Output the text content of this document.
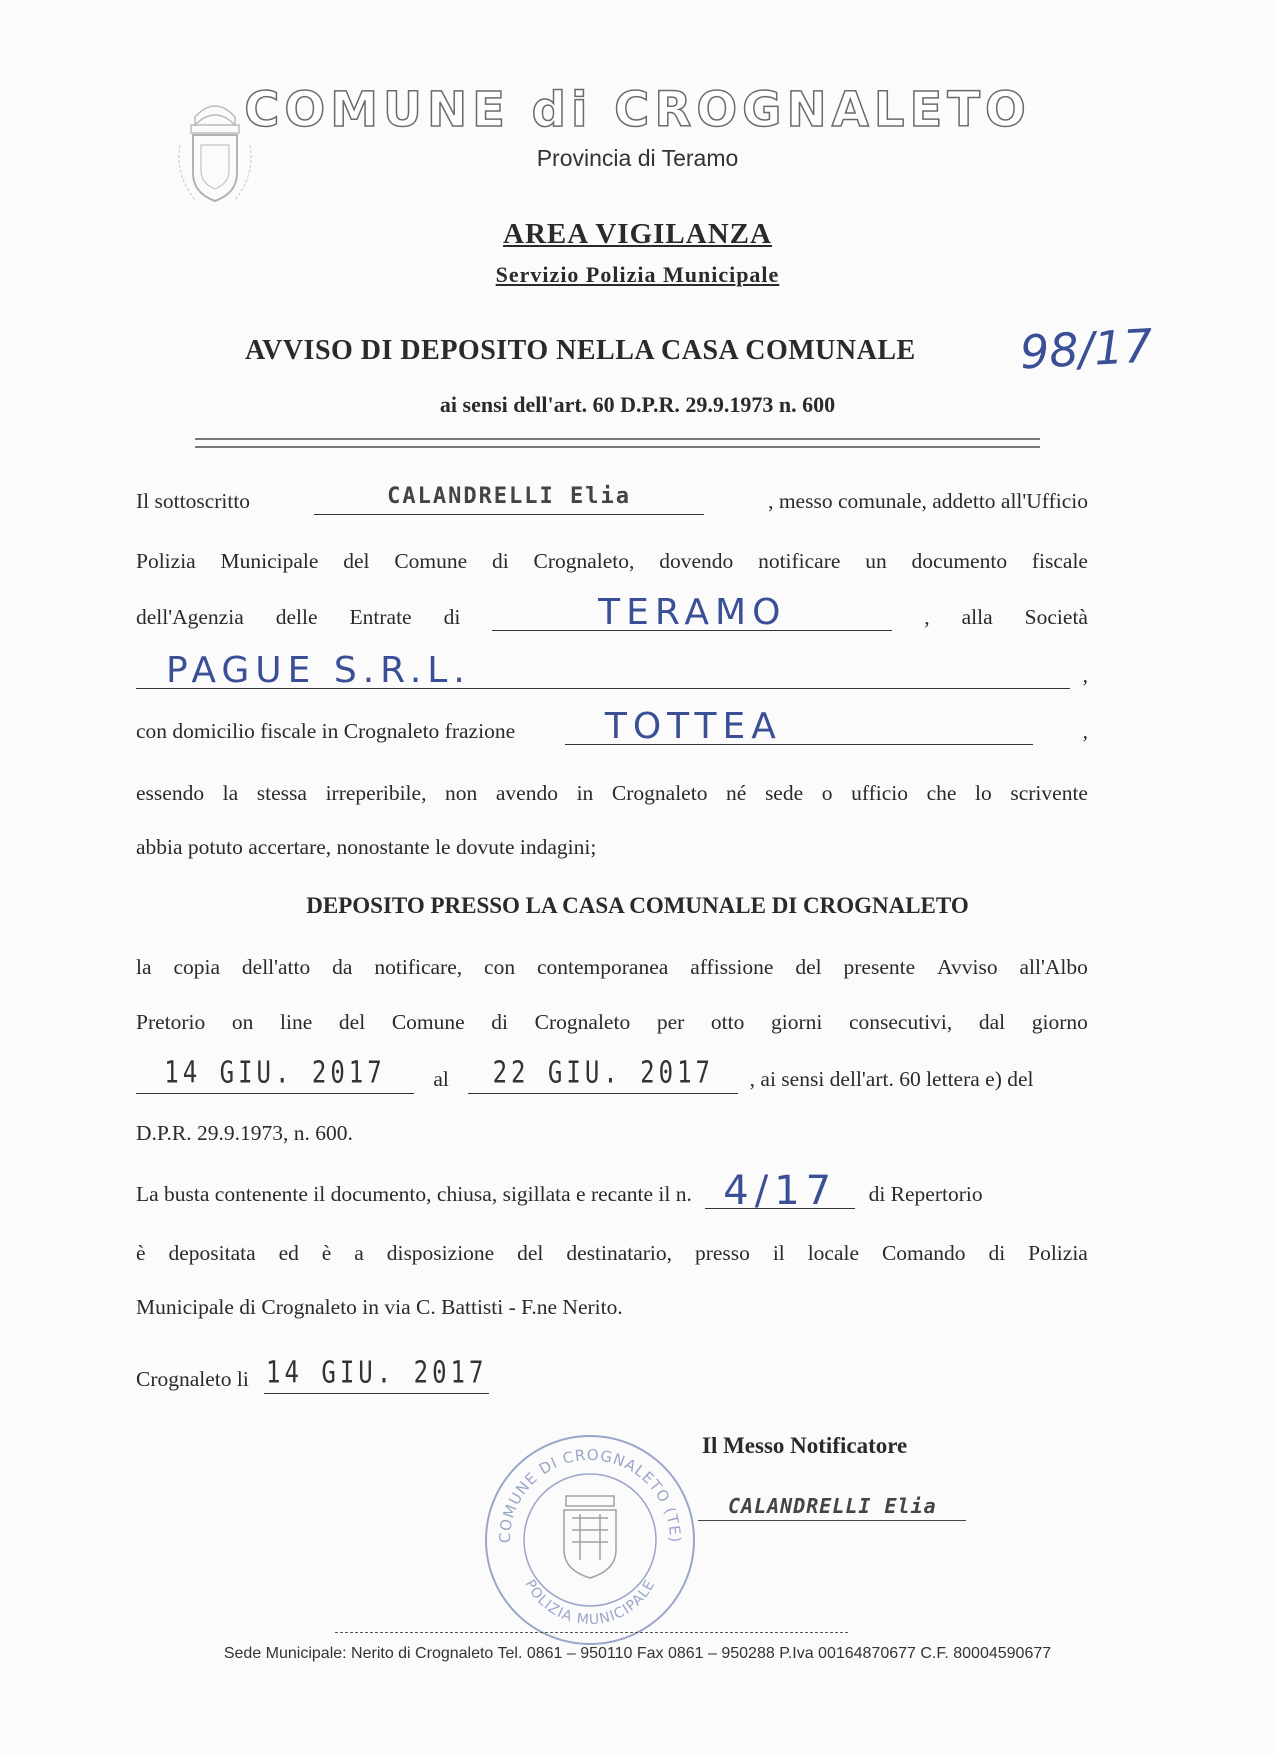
COMUNE di CROGNALETO
Provincia di Teramo
AREA VIGILANZA
Servizio Polizia Municipale
AVVISO DI DEPOSITO NELLA CASA COMUNALE 98/17
ai sensi dell'art. 60 D.P.R. 29.9.1973 n. 600
Il sottoscritto	CALANDRELLI Elia	, messo comunale, addetto all'Ufficio
Polizia Municipale del Comune di Crognaleto, dovendo notificare un documento fiscale
dell'Agenzia delle Entrate di	TERAMO	, alla Società
PAGUE S.R.L.	,
con domicilio fiscale in Crognaleto frazione TOTTEA	,
essendo la stessa irreperibile, non avendo in Crognaleto né sede o ufficio che lo scrivente
abbia potuto accertare, nonostante le dovute indagini;
DEPOSITO PRESSO LA CASA COMUNALE DI CROGNALETO
la copia dell'atto da notificare, con contemporanea affissione del presente Avviso all'Albo
Pretorio on line del Comune di Crognaleto per otto giorni consecutivi, dal giorno
14 GIU. 2017	al	22 GIU. 2017	, ai sensi dell'art. 60 lettera e) del
D.P.R. 29.9.1973, n. 600.
La busta contenente il documento, chiusa, sigillata e recante il n. 4/17	di Repertorio
è depositata ed è a disposizione del destinatario, presso il locale Comando di Polizia
Municipale di Crognaleto in via C. Battisti - F.ne Nerito.
Crognaleto li 14 GIU. 2017
COMUNE DI CROGNALETO (TE)
POLIZIA MUNICIPALE
Il Messo Notificatore
CALANDRELLI Elia
Sede Municipale: Nerito di Crognaleto Tel. 0861 – 950110 Fax 0861 – 950288 P.Iva 00164870677 C.F. 80004590677
